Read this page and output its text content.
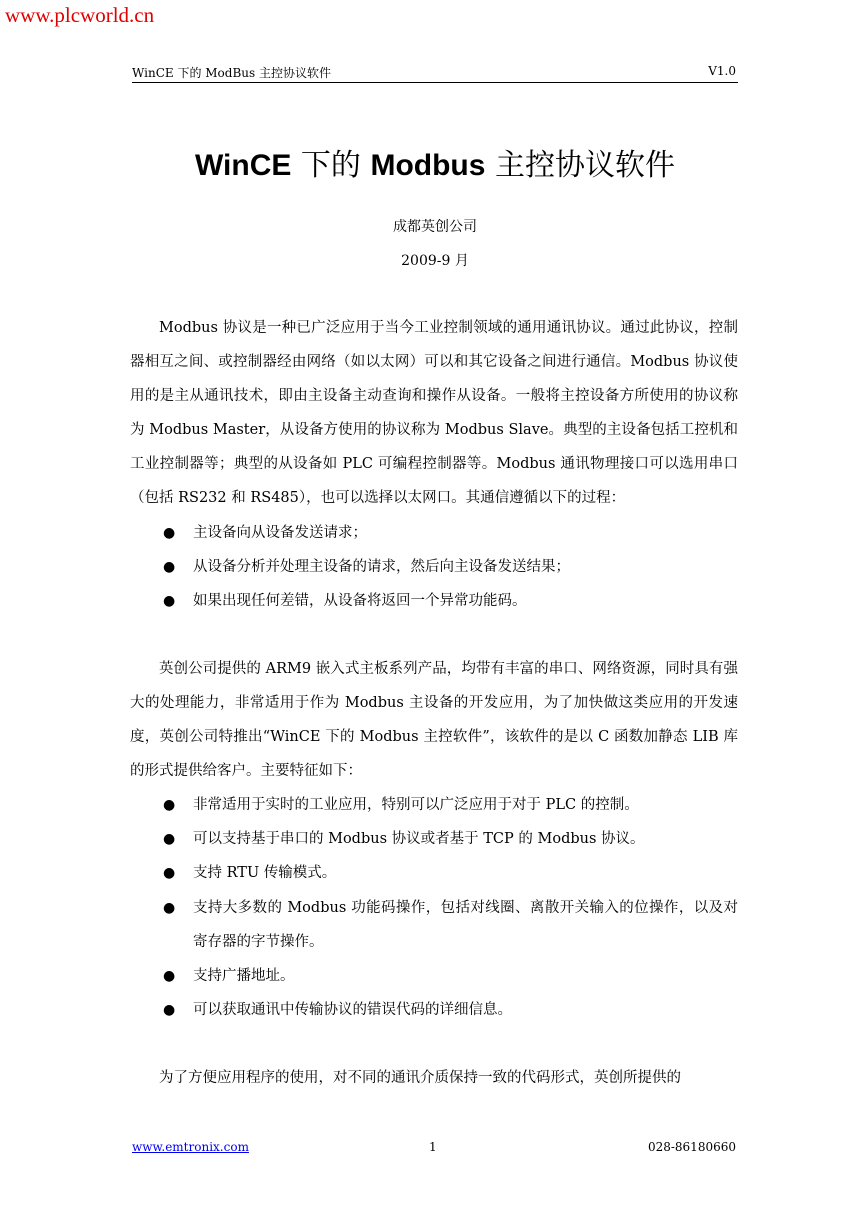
www.plcworld.cn
WinCE 下的 ModBus 主控协议软件	V1.0
WinCE 下的 Modbus 主控协议软件
成都英创公司
2009-9 月

Modbus 协议是一种已广泛应用于当今工业控制领域的通用通讯协议。通过此协议，控制器相互之间、或控制器经由网络（如以太网）可以和其它设备之间进行通信。Modbus 协议使用的是主从通讯技术，即由主设备主动查询和操作从设备。一般将主控设备方所使用的协议称为 Modbus Master，从设备方使用的协议称为 Modbus Slave。典型的主设备包括工控机和工业控制器等；典型的从设备如 PLC 可编程控制器等。Modbus 通讯物理接口可以选用串口（包括 RS232 和 RS485），也可以选择以太网口。其通信遵循以下的过程：

● 主设备向从设备发送请求；
● 从设备分析并处理主设备的请求，然后向主设备发送结果；
● 如果出现任何差错，从设备将返回一个异常功能码。

英创公司提供的 ARM9 嵌入式主板系列产品，均带有丰富的串口、网络资源，同时具有强大的处理能力，非常适用于作为 Modbus 主设备的开发应用，为了加快做这类应用的开发速度，英创公司特推出“WinCE 下的 Modbus 主控软件”，该软件的是以 C 函数加静态 LIB 库的形式提供给客户。主要特征如下：

● 非常适用于实时的工业应用，特别可以广泛应用于对于 PLC 的控制。
● 可以支持基于串口的 Modbus 协议或者基于 TCP 的 Modbus 协议。
● 支持 RTU 传输模式。
● 支持大多数的 Modbus 功能码操作，包括对线圈、离散开关输入的位操作，以及对寄存器的字节操作。
● 支持广播地址。
● 可以获取通讯中传输协议的错误代码的详细信息。

为了方便应用程序的使用，对不同的通讯介质保持一致的代码形式，英创所提供的

www.emtronix.com	1	028-86180660
